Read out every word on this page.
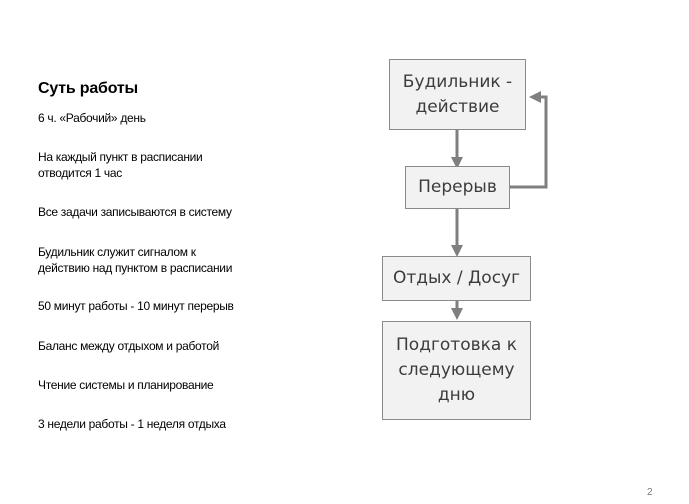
Суть работы
6 ч. «Рабочий» день
На каждый пункт в расписании
отводится 1 час
Все задачи записываются в систему
Будильник служит сигналом к
действию над пунктом в расписании
50 минут работы - 10 минут перерыв
Баланс между отдыхом и работой
Чтение системы и планирование
3 недели работы - 1 неделя отдыха
Будильник -
действие
Перерыв
Отдых / Досуг
Подготовка к
следующему
дню
2
